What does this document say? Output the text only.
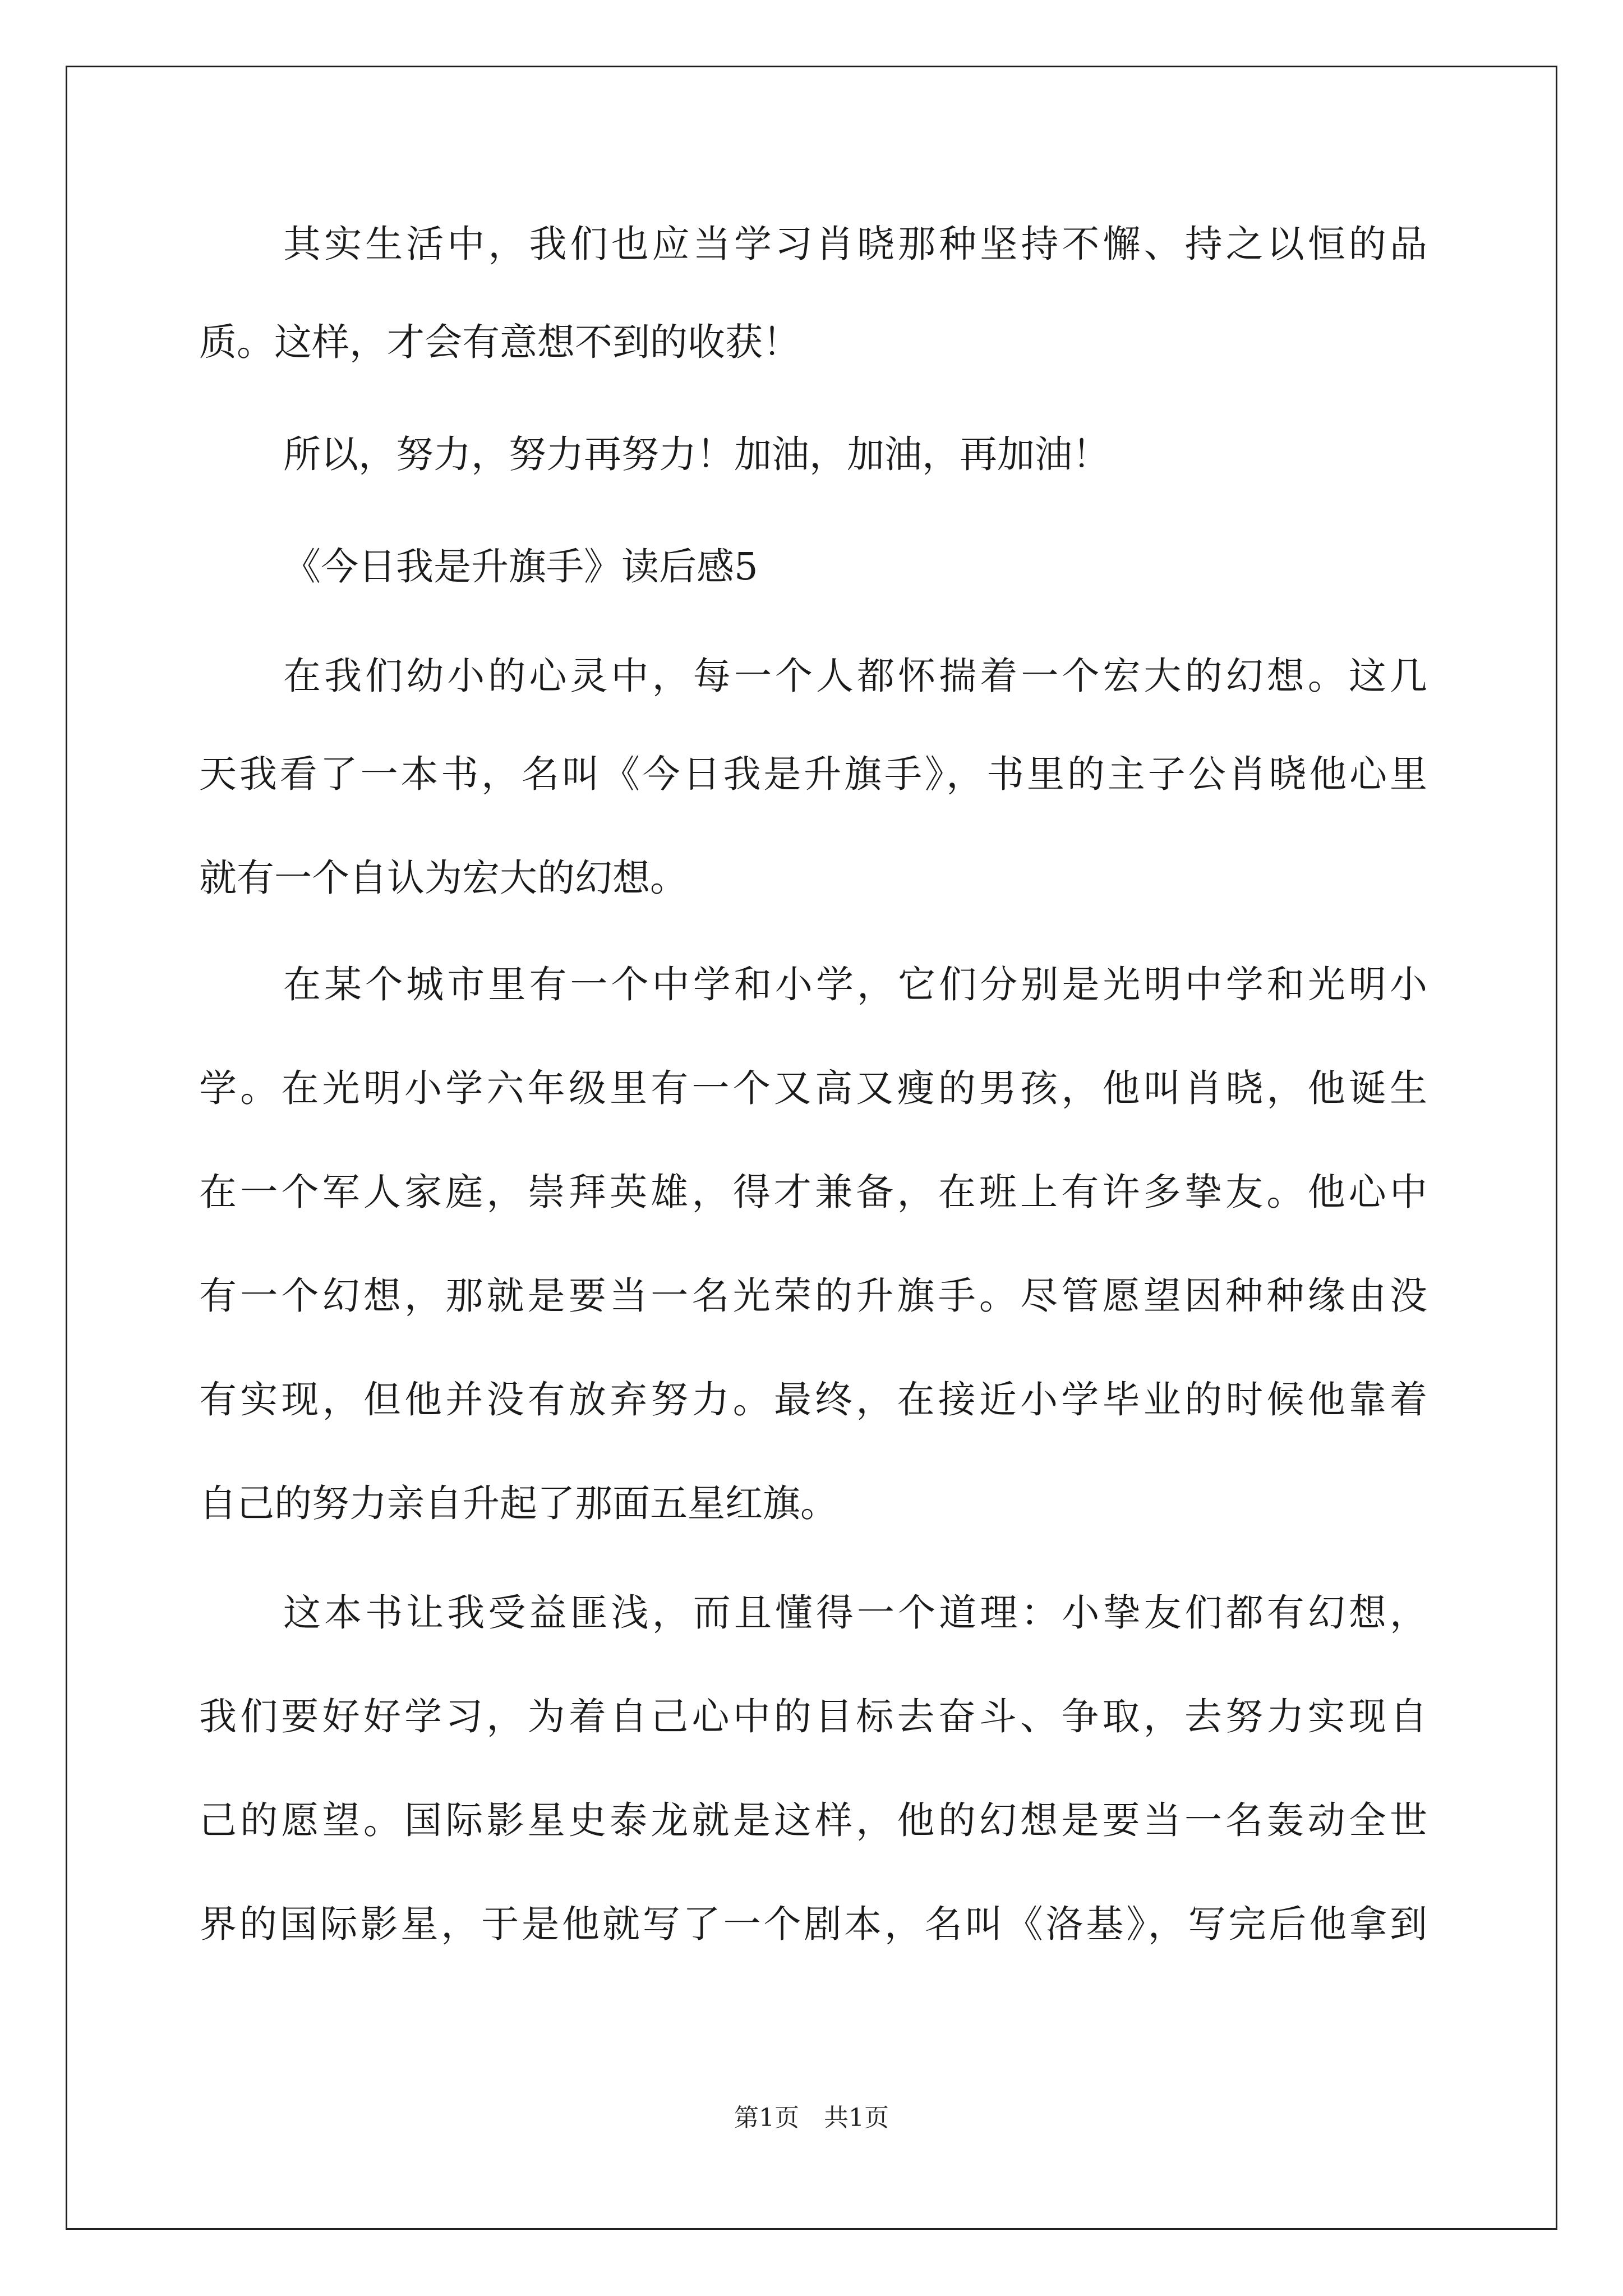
其实生活中，我们也应当学习肖晓那种坚持不懈、持之以恒的品
质。这样，才会有意想不到的收获！
所以，努力，努力再努力！加油，加油，再加油！
《今日我是升旗手》读后感5
在我们幼小的心灵中，每一个人都怀揣着一个宏大的幻想。这几
天我看了一本书，名叫《今日我是升旗手》，书里的主子公肖晓他心里
就有一个自认为宏大的幻想。
在某个城市里有一个中学和小学，它们分别是光明中学和光明小
学。在光明小学六年级里有一个又高又瘦的男孩，他叫肖晓，他诞生
在一个军人家庭，崇拜英雄，得才兼备，在班上有许多挚友。他心中
有一个幻想，那就是要当一名光荣的升旗手。尽管愿望因种种缘由没
有实现，但他并没有放弃努力。最终，在接近小学毕业的时候他靠着
自己的努力亲自升起了那面五星红旗。
这本书让我受益匪浅，而且懂得一个道理：小挚友们都有幻想，
我们要好好学习，为着自己心中的目标去奋斗、争取，去努力实现自
己的愿望。国际影星史泰龙就是这样，他的幻想是要当一名轰动全世
界的国际影星，于是他就写了一个剧本，名叫《洛基》，写完后他拿到
第1页　共1页
